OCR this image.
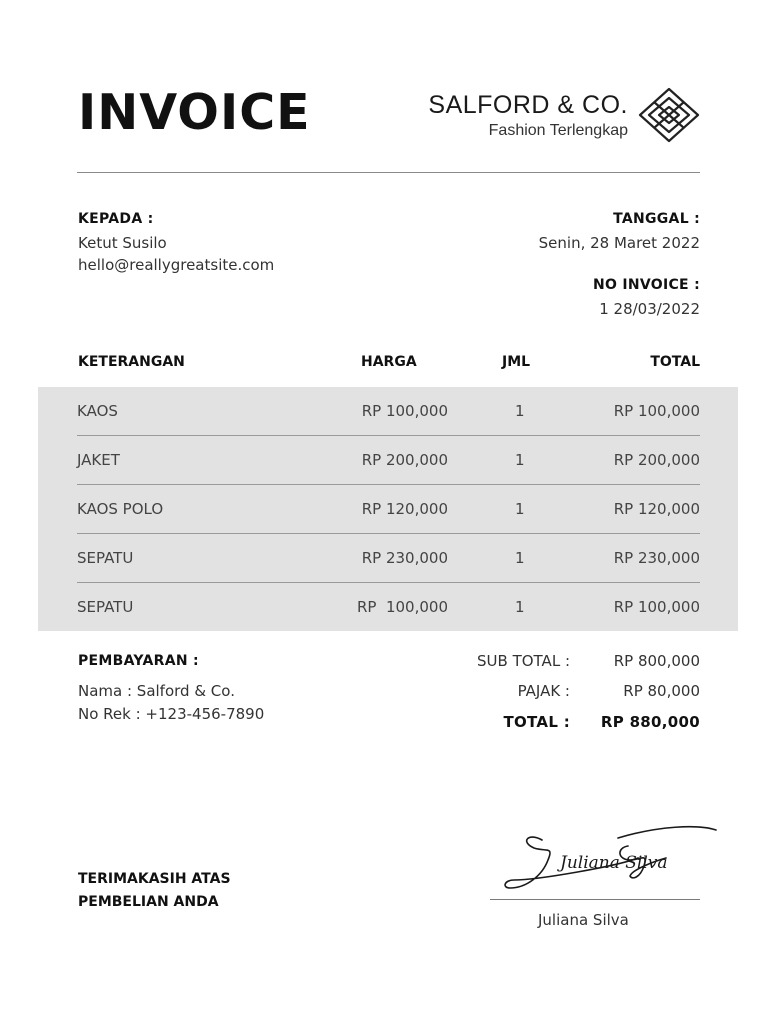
INVOICE	SALFORD & CO.
Fashion Terlengkap
KEPADA :
Ketut Susilo
hello@reallygreatsite.com
TANGGAL :
Senin, 28 Maret 2022
NO INVOICE :
1 28/03/2022
KETERANGAN	HARGA	JML	TOTAL
KAOS	RP 100,000	1	RP 100,000
JAKET	RP 200,000	1	RP 200,000
KAOS POLO	RP 120,000	1	RP 120,000
SEPATU	RP 230,000	1	RP 230,000
SEPATU	RP  100,000	1	RP 100,000
PEMBAYARAN :
Nama : Salford & Co.
No Rek : +123-456-7890
SUB TOTAL :	RP 800,000
PAJAK :	RP 80,000
TOTAL : RP 880,000
TERIMAKASIH ATAS
PEMBELIAN ANDA
Juliana Silva
Juliana Silva
